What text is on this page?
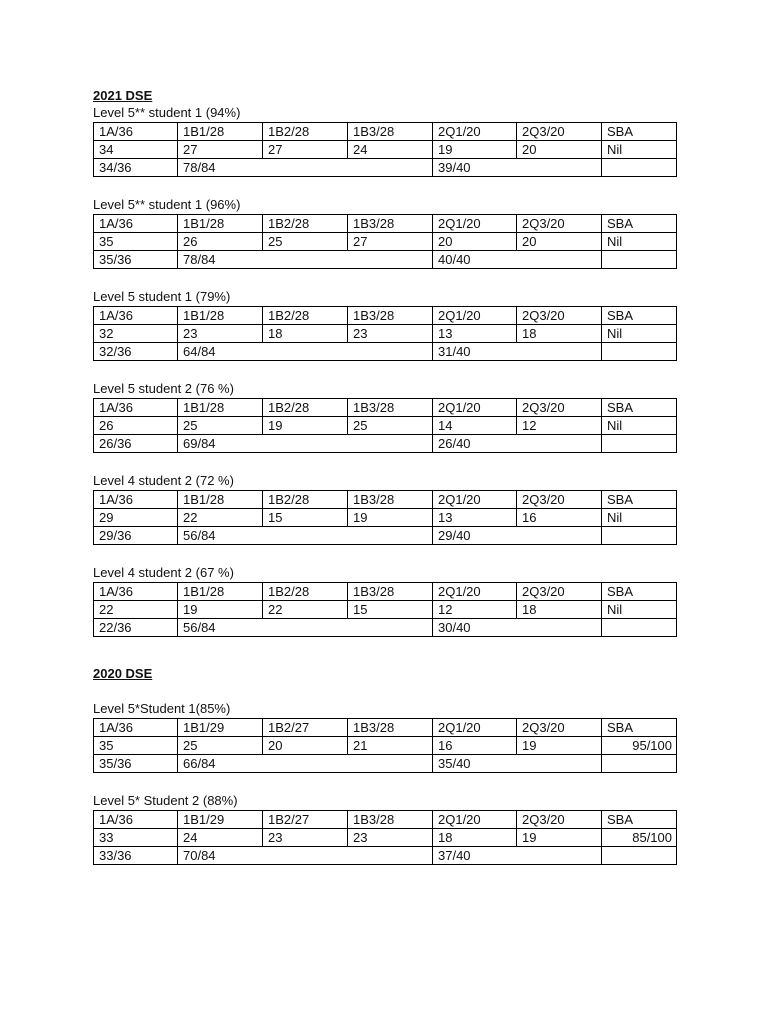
2021 DSE
Level 5** student 1 (94%)
1A/36	1B1/28	1B2/28	1B3/28	2Q1/20	2Q3/20	SBA
34	27	27	24	19	20	Nil
34/36	78/84			39/40		
Level 5** student 1 (96%)
1A/36	1B1/28	1B2/28	1B3/28	2Q1/20	2Q3/20	SBA
35	26	25	27	20	20	Nil
35/36	78/84			40/40		
Level 5 student 1 (79%)
1A/36	1B1/28	1B2/28	1B3/28	2Q1/20	2Q3/20	SBA
32	23	18	23	13	18	Nil
32/36	64/84			31/40		
Level 5 student 2 (76 %)
1A/36	1B1/28	1B2/28	1B3/28	2Q1/20	2Q3/20	SBA
26	25	19	25	14	12	Nil
26/36	69/84			26/40		
Level 4 student 2 (72 %)
1A/36	1B1/28	1B2/28	1B3/28	2Q1/20	2Q3/20	SBA
29	22	15	19	13	16	Nil
29/36	56/84			29/40		
Level 4 student 2 (67 %)
1A/36	1B1/28	1B2/28	1B3/28	2Q1/20	2Q3/20	SBA
22	19	22	15	12	18	Nil
22/36	56/84			30/40		
2020 DSE
Level 5*Student 1(85%)
1A/36	1B1/29	1B2/27	1B3/28	2Q1/20	2Q3/20	SBA
35	25	20	21	16	19	95/100
35/36	66/84			35/40		
Level 5* Student 2 (88%)
1A/36	1B1/29	1B2/27	1B3/28	2Q1/20	2Q3/20	SBA
33	24	23	23	18	19	85/100
33/36	70/84			37/40		
